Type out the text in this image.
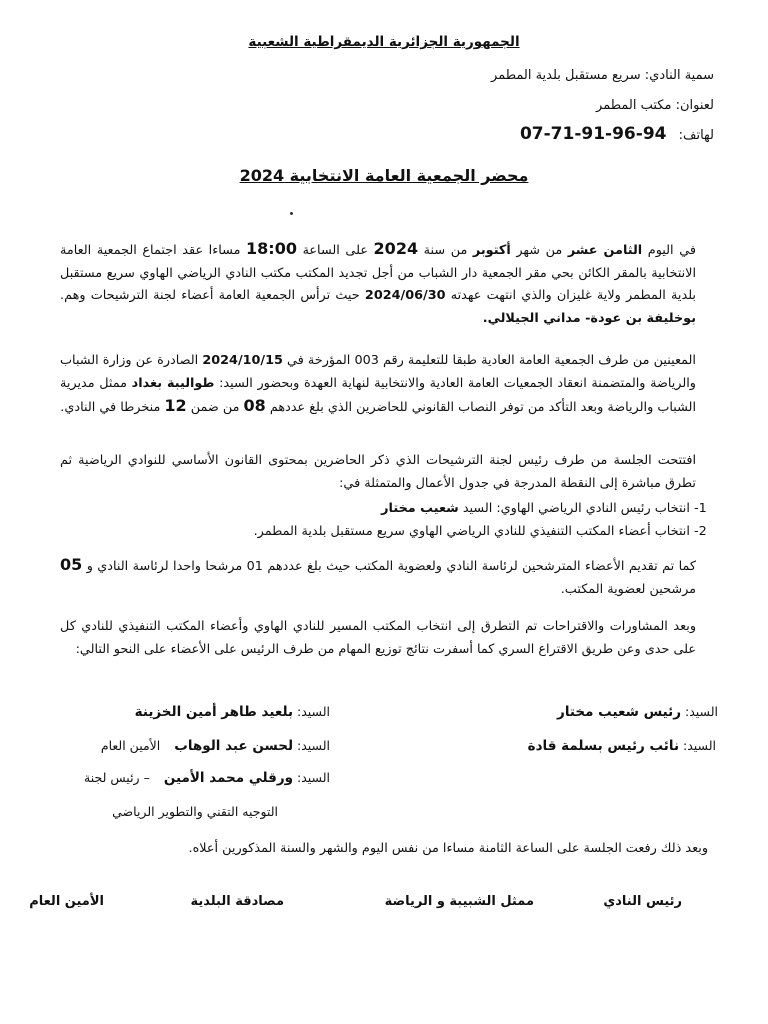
الجمهورية الجزائرية الديمقراطية الشعبية
سمية النادي: سريع مستقبل بلدية المطمر
لعنوان: مكتب المطمر
لهاتف: 07-71-91-96-94
محضر الجمعية العامة الانتخابية 2024
في اليوم الثامن عشر من شهر أكتوبر من سنة 2024 على الساعة 18:00 مساءا عقد اجتماع الجمعية العامة الانتخابية بالمقر الكائن بحي مقر الجمعية دار الشباب من أجل تجديد المكتب مكتب النادي الرياضي الهاوي سريع مستقبل بلدية المطمر ولاية غليزان والذي انتهت عهدته 2024/06/30 حيث ترأس الجمعية العامة أعضاء لجنة الترشيحات وهم. بوخليفة بن عودة- مداني الجيلالي.
المعينين من طرف الجمعية العامة العادية طبقا للتعليمة رقم 003 المؤرخة في 2024/10/15 الصادرة عن وزارة الشباب والرياضة والمتضمنة انعقاد الجمعيات العامة العادية والانتخابية لنهاية العهدة وبحضور السيد: طواليبة بغداد ممثل مديرية الشباب والرياضة وبعد التأكد من توفر النصاب القانوني للحاضرين الذي بلغ عددهم 08 من ضمن 12 منخرطا في النادي.
افتتحت الجلسة من طرف رئيس لجنة الترشيحات الذي ذكر الحاضرين بمحتوى القانون الأساسي للنوادي الرياضية ثم تطرق مباشرة إلى النقطة المدرجة في جدول الأعمال والمتمثلة في:
-1 انتخاب رئيس النادي الرياضي الهاوي: السيد شعيب مختار
-2 انتخاب أعضاء المكتب التنفيذي للنادي الرياضي الهاوي سريع مستقبل بلدية المطمر.
كما تم تقديم الأعضاء المترشحين لرئاسة النادي ولعضوية المكتب حيث بلغ عددهم 01 مرشحا واحدا لرئاسة النادي و 05 مرشحين لعضوية المكتب.
وبعد المشاورات والاقتراحات تم التطرق إلى انتخاب المكتب المسير للنادي الهاوي وأعضاء المكتب التنفيذي للنادي كل على حدى وعن طريق الاقتراع السري كما أسفرت نتائج توزيع المهام من طرف الرئيس على الأعضاء على النحو التالي:
السيد: رئيس شعيب مختار
السيد: بلعيد طاهر أمين الخزينة
السيد: نائب رئيس بسلمة قادة
السيد: لحسن عبد الوهاب الأمين العام
السيد: ورقلي محمد الأمين – رئيس لجنة
التوجيه التقني والتطوير الرياضي
وبعد ذلك رفعت الجلسة على الساعة الثامنة مساءا من نفس اليوم والشهر والسنة المذكورين أعلاه.
رئيس النادي
ممثل الشبيبة و الرياضة
مصادقة البلدية
الأمين العام
